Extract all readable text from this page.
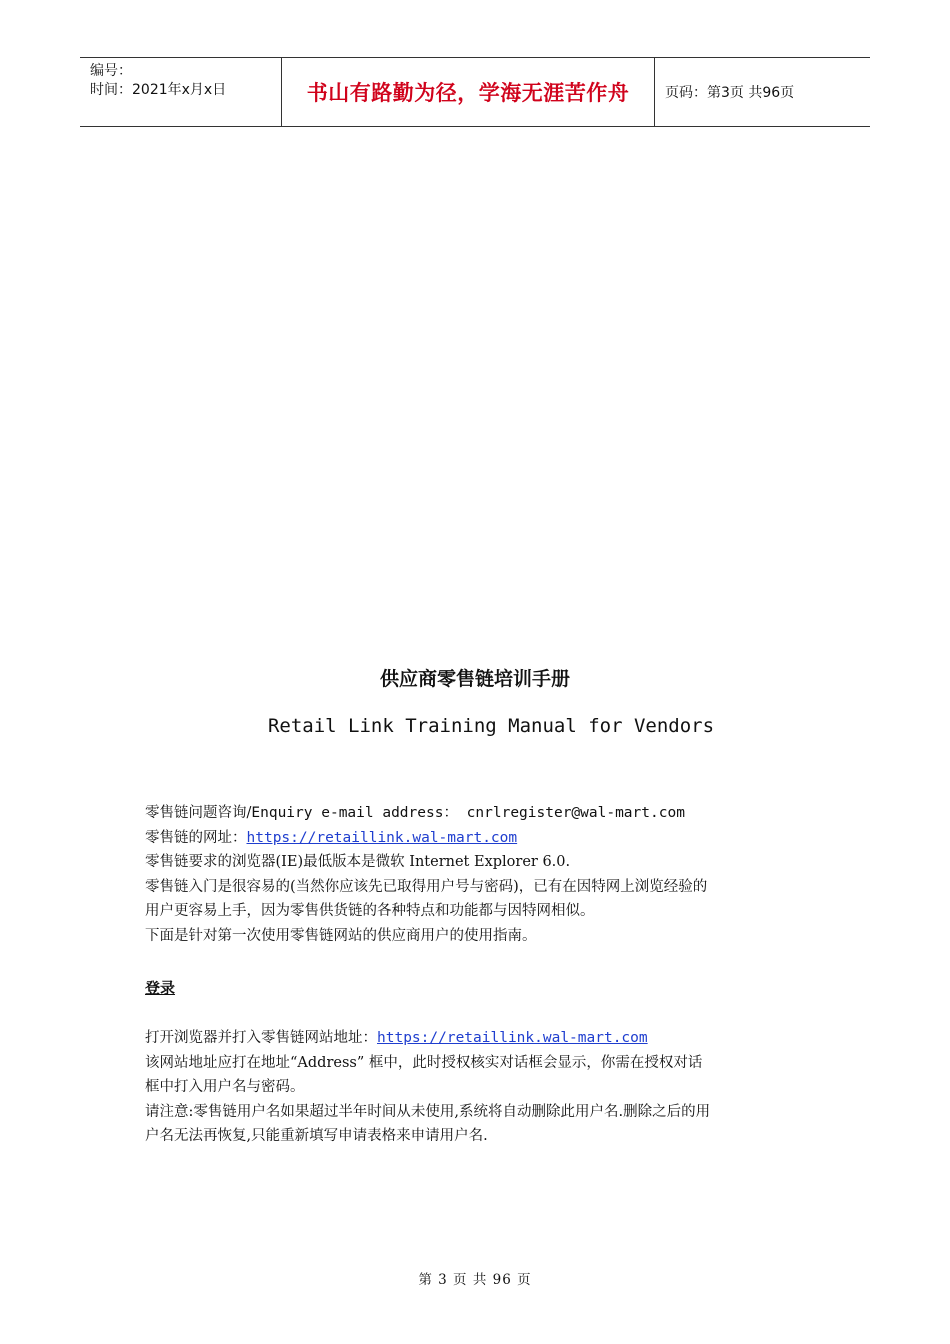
编号：
时间：2021年x月x日	书山有路勤为径，学海无涯苦作舟	页码：第3页 共96页
供应商零售链培训手册
Retail Link Training Manual for Vendors
零售链问题咨询/Enquiry e-mail address： cnrlregister@wal-mart.com
零售链的网址：https://retaillink.wal-mart.com
零售链要求的浏览器(IE)最低版本是微软 Internet Explorer 6.0.
零售链入门是很容易的(当然你应该先已取得用户号与密码)，已有在因特网上浏览经验的
用户更容易上手，因为零售供货链的各种特点和功能都与因特网相似。
下面是针对第一次使用零售链网站的供应商用户的使用指南。
登录
打开浏览器并打入零售链网站地址：https://retaillink.wal-mart.com
该网站地址应打在地址“Address” 框中，此时授权核实对话框会显示，你需在授权对话
框中打入用户名与密码。
请注意:零售链用户名如果超过半年时间从未使用,系统将自动删除此用户名.删除之后的用
户名无法再恢复,只能重新填写申请表格来申请用户名.
第 3 页 共 96 页
